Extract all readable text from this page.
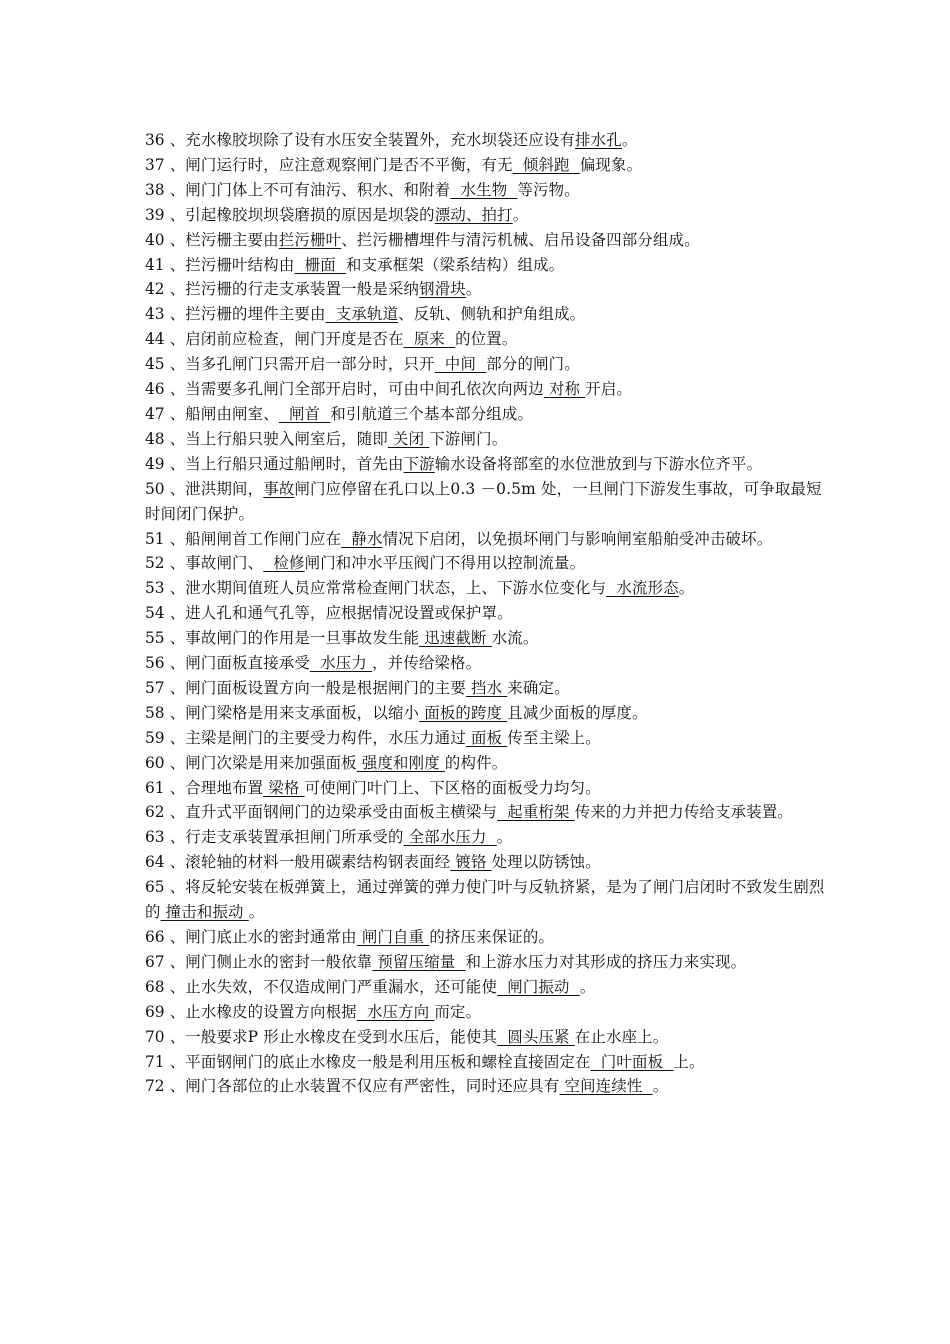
36 、充水橡胶坝除了设有水压安全装置外，充水坝袋还应设有排水孔。
37 、闸门运行时，应注意观察闸门是否不平衡，有无  倾斜跑  偏现象。
38 、闸门门体上不可有油污、积水、和附着  水生物  等污物。
39 、引起橡胶坝坝袋磨损的原因是坝袋的漂动、拍打。
40 、栏污栅主要由拦污栅叶、拦污栅槽埋件与清污机械、启吊设备四部分组成。
41 、拦污栅叶结构由  栅面  和支承框架（梁系结构）组成。
42 、拦污栅的行走支承装置一般是采纳钢滑块。
43 、拦污栅的埋件主要由  支承轨道、反轨、侧轨和护角组成。
44 、启闭前应检查，闸门开度是否在  原来  的位置。
45 、当多孔闸门只需开启一部分时，只开  中间  部分的闸门。
46 、当需要多孔闸门全部开启时，可由中间孔依次向两边 对称 开启。
47 、船闸由闸室、  闸首  和引航道三个基本部分组成。
48 、当上行船只驶入闸室后，随即 关闭 下游闸门。
49 、当上行船只通过船闸时，首先由下游输水设备将部室的水位泄放到与下游水位齐平。
50 、泄洪期间，事故闸门应停留在孔口以上0.3 －0.5m 处，一旦闸门下游发生事故，可争取最短时间闭门保护。
51 、船闸闸首工作闸门应在  静水情况下启闭，以免损坏闸门与影响闸室船舶受冲击破坏。
52 、事故闸门、  检修闸门和冲水平压阀门不得用以控制流量。
53 、泄水期间值班人员应常常检查闸门状态，上、下游水位变化与  水流形态。
54 、进人孔和通气孔等，应根据情况设置或保护罩。
55 、事故闸门的作用是一旦事故发生能 迅速截断 水流。
56 、闸门面板直接承受  水压力 ，并传给梁格。
57 、闸门面板设置方向一般是根据闸门的主要 挡水 来确定。
58 、闸门梁格是用来支承面板，以缩小 面板的跨度 且减少面板的厚度。
59 、主梁是闸门的主要受力构件，水压力通过 面板 传至主梁上。
60 、闸门次梁是用来加强面板 强度和刚度 的构件。
61 、合理地布置 梁格 可使闸门叶门上、下区格的面板受力均匀。
62 、直升式平面钢闸门的边梁承受由面板主横梁与  起重桁架 传来的力并把力传给支承装置。
63 、行走支承装置承担闸门所承受的 全部水压力  。
64 、滚轮轴的材料一般用碳素结构钢表面经 镀铬 处理以防锈蚀。
65 、将反轮安装在板弹簧上，通过弹簧的弹力使门叶与反轨挤紧，是为了闸门启闭时不致发生剧烈的 撞击和振动 。
66 、闸门底止水的密封通常由 闸门自重 的挤压来保证的。
67 、闸门侧止水的密封一般依靠 预留压缩量  和上游水压力对其形成的挤压力来实现。
68 、止水失效，不仅造成闸门严重漏水，还可能使  闸门振动  。
69 、止水橡皮的设置方向根据  水压方向 而定。
70 、一般要求P 形止水橡皮在受到水压后，能使其  圆头压紧 在止水座上。
71 、平面钢闸门的底止水橡皮一般是利用压板和螺栓直接固定在  门叶面板  上。
72 、闸门各部位的止水装置不仅应有严密性，同时还应具有 空间连续性  。
